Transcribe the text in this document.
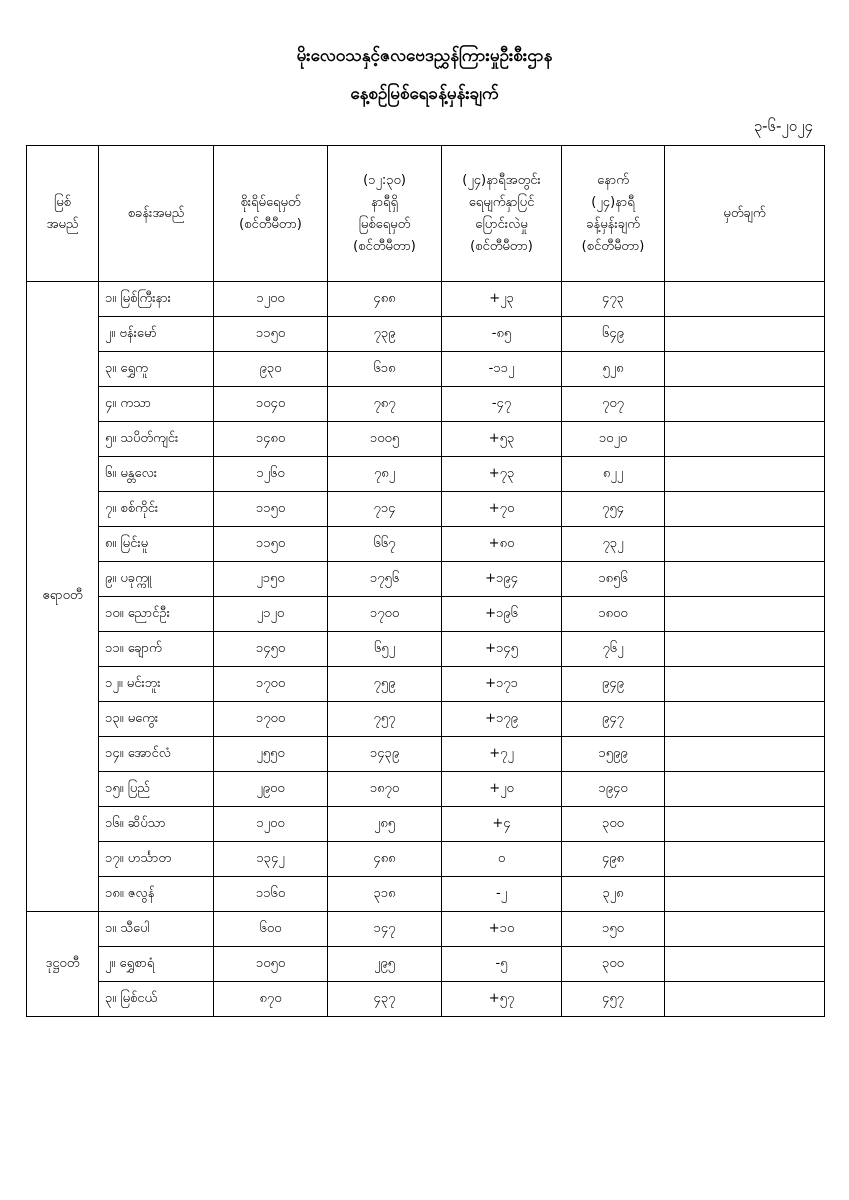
မိုးလေဝသနှင့်ဇလဗေဒညွှန်ကြားမှုဦးစီးဌာန
နေ့စဉ်မြစ်ရေခန့်မှန်းချက်
၃-၆-၂၀၂၄
မြစ်
အမည်	စခန်းအမည်	စိုးရိမ်ရေမှတ်
(စင်တီမီတာ)	(၁၂:၃၀)
နာရီရှိ
မြစ်ရေမှတ်
(စင်တီမီတာ)	(၂၄)နာရီအတွင်း
ရေမျက်နှာပြင်
ပြောင်းလဲမှု
(စင်တီမီတာ)	နောက်
(၂၄)နာရီ
ခန့်မှန်းချက်
(စင်တီမီတာ)	မှတ်ချက်

ဧရာဝတီ	၁။ မြစ်ကြီးနား	၁၂၀၀	၄၈၈	+၂၃	၄၇၃	
	၂။ ဗန်းမော်	၁၁၅၀	၇၃၉	-၈၅	၆၄၉	
	၃။ ရွှေကူ	၉၃၀	၆၁၈	-၁၁၂	၅၂၈	
	၄။ ကသာ	၁၀၄၀	၇၈၇	-၄၇	၇၀၇	
	၅။ သပိတ်ကျင်း	၁၄၈၀	၁၀၀၅	+၅၃	၁၀၂၀	
	၆။ မန္တလေး	၁၂၆၀	၇၈၂	+၇၃	၈၂၂	
	၇။ စစ်ကိုင်း	၁၁၅၀	၇၁၄	+၇၀	၇၅၄	
	၈။ မြင်းမူ	၁၁၅၀	၆၆၇	+၈၀	၇၃၂	
	၉။ ပခုက္ကူ	၂၁၅၀	၁၇၅၆	+၁၉၄	၁၈၅၆	
	၁၀။ ညောင်ဦး	၂၁၂၀	၁၇၀၀	+၁၉၆	၁၈၀၀	
	၁၁။ ချောက်	၁၄၅၀	၆၅၂	+၁၄၅	၇၆၂	
	၁၂။ မင်းဘူး	၁၇၀၀	၇၅၉	+၁၇၁	၉၄၉	
	၁၃။ မကွေး	၁၇၀၀	၇၅၇	+၁၇၉	၉၄၇	
	၁၄။ အောင်လံ	၂၅၅၀	၁၄၃၉	+၇၂	၁၅၉၉	
	၁၅။ ပြည်	၂၉၀၀	၁၈၇၀	+၂၀	၁၉၄၀	
	၁၆။ ဆိပ်သာ	၁၂၀၀	၂၈၅	+၄	၃၀၀	
	၁၇။ ဟင်္သာတ	၁၃၄၂	၄၈၈	၀	၄၉၈	
	၁၈။ ဇလွန်	၁၁၆၀	၃၁၈	-၂	၃၂၈	
ဒုဋ္ဌဝတီ	၁။ သီပေါ	၆၀၀	၁၄၇	+၁၀	၁၅၀	
	၂။ ရွှေစာရံ	၁၀၅၀	၂၉၅	-၅	၃၀၀	
	၃။ မြစ်ငယ်	၈၇၀	၄၃၇	+၅၇	၄၅၇	
